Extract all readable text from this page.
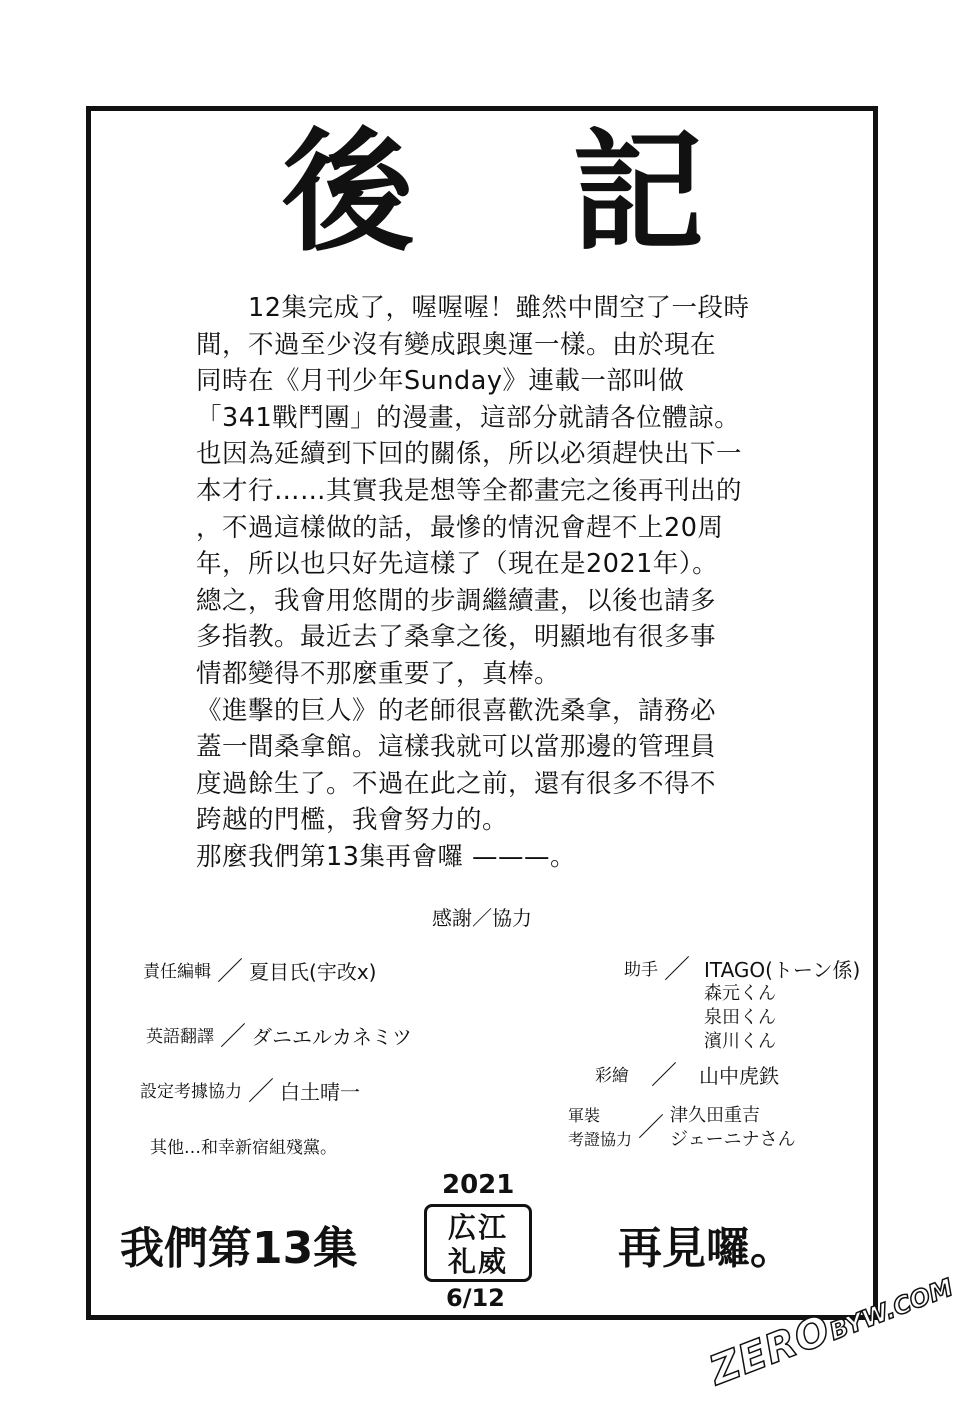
後 記
　　12集完成了，喔喔喔！雖然中間空了一段時
間，不過至少沒有變成跟奧運一樣。由於現在
同時在《月刊少年Sunday》連載一部叫做
「341戰鬥團」的漫畫，這部分就請各位體諒。
也因為延續到下回的關係，所以必須趕快出下一
本才行……其實我是想等全都畫完之後再刊出的
，不過這樣做的話，最慘的情況會趕不上20周
年，所以也只好先這樣了（現在是2021年）。
總之，我會用悠閒的步調繼續畫，以後也請多
多指教。最近去了桑拿之後，明顯地有很多事
情都變得不那麼重要了，真棒。
《進擊的巨人》的老師很喜歡洗桑拿，請務必
蓋一間桑拿館。這樣我就可以當那邊的管理員
度過餘生了。不過在此之前，還有很多不得不
跨越的門檻，我會努力的。
那麼我們第13集再會囉 ———。
感謝／協力
責任編輯 ／ 夏目氏(宇改x)
英語翻譯 ／ ダニエルカネミツ
設定考據協力 ／ 白土晴一
其他…和幸新宿組殘黨。
助手 ／ ITAGO(トーン係)
森元くん
泉田くん
濱川くん
彩繪 ／ 山中虎鉄
軍裝
考證協力 ／ 津久田重吉
ジェーニナさん
我們第13集
2021
広江
礼威
6/12
再見囉。
ZEROBYW.COM
